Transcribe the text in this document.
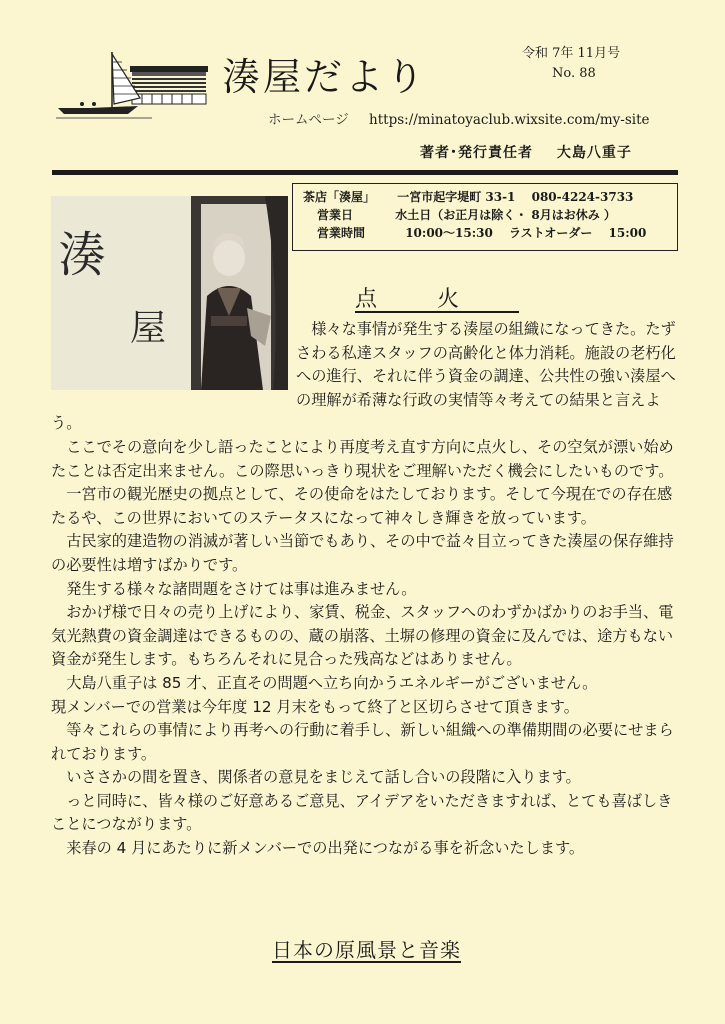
湊屋だより
令和 7年 11月号
No. 88
ホームページ https://minatoyaclub.wixsite.com/my-site
著者･発行責任者 大島八重子
湊
屋
茶店「湊屋」 一宮市起字堤町 33-1 080-4224-3733
営業日	水土日（お正月は除く・ 8月はお休み ）
営業時間	10:00～15:30 ラストオーダー 15:00
点火

様々な事情が発生する湊屋の組織になってきた。たずさわる私達スタッフの高齢化と体力消耗。施設の老朽化への進行、それに伴う資金の調達、公共性の強い湊屋への理解が希薄な行政の実情等々考えての結果と言えよう。

ここでその意向を少し語ったことにより再度考え直す方向に点火し、その空気が漂い始めたことは否定出来ません。この際思いっきり現状をご理解いただく機会にしたいものです。

一宮市の観光歴史の拠点として、その使命をはたしております。そして今現在での存在感たるや、この世界においてのステータスになって神々しき輝きを放っています。

古民家的建造物の消滅が著しい当節でもあり、その中で益々目立ってきた湊屋の保存維持の必要性は増すばかりです。

発生する様々な諸問題をさけては事は進みません。

おかげ様で日々の売り上げにより、家賃、税金、スタッフへのわずかばかりのお手当、電気光熱費の資金調達はできるものの、蔵の崩落、土塀の修理の資金に及んでは、途方もない資金が発生します。もちろんそれに見合った残高などはありません。

大島八重子は 85 才、正直その問題へ立ち向かうエネルギーがございません。

現メンバーでの営業は今年度 12 月末をもって終了と区切らさせて頂きます。

等々これらの事情により再考への行動に着手し、新しい組織への準備期間の必要にせまられております。

いささかの間を置き、関係者の意見をまじえて話し合いの段階に入ります。

っと同時に、皆々様のご好意あるご意見、アイデアをいただきますれば、とても喜ばしきことにつながります。

来春の 4 月にあたりに新メンバーでの出発につながる事を祈念いたします。

日本の原風景と音楽
